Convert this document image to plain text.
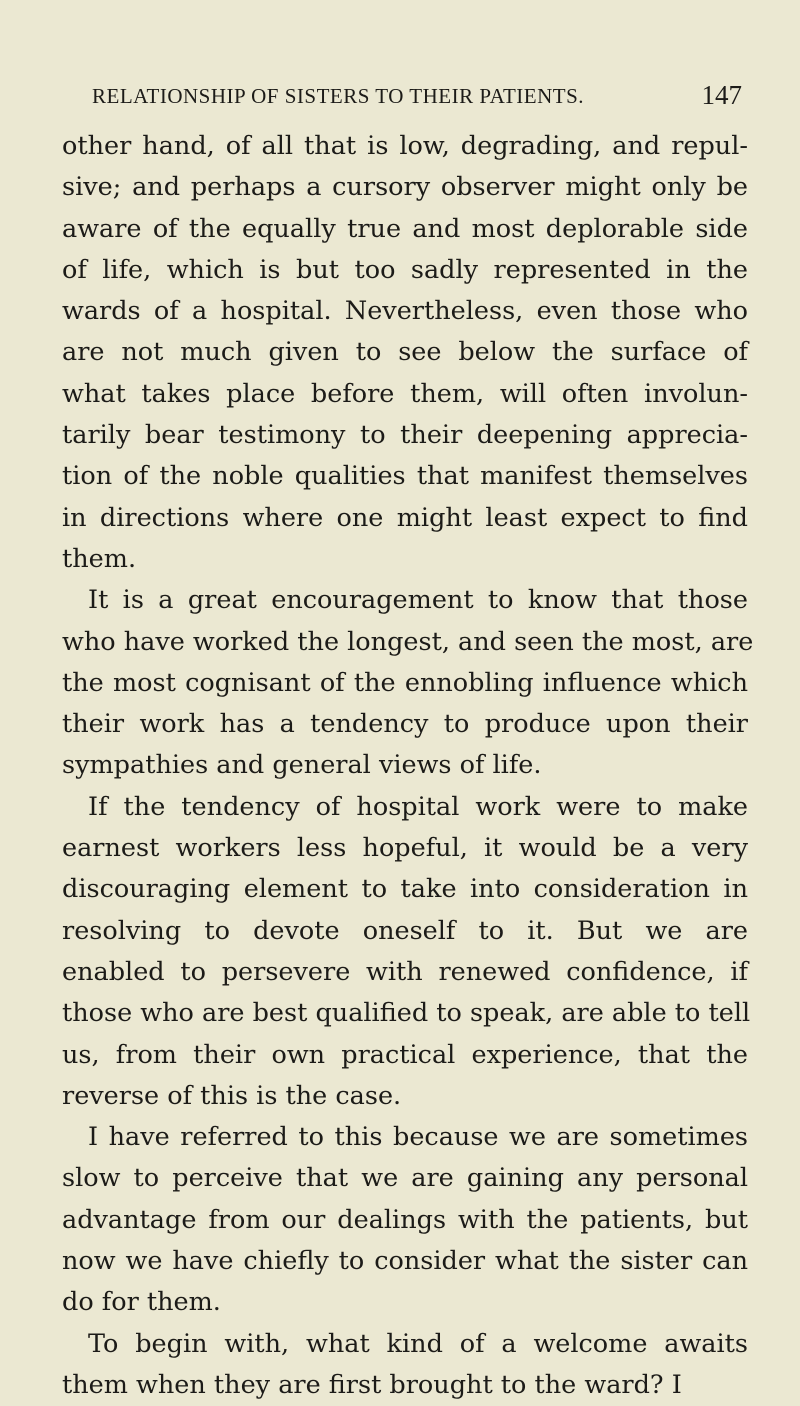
RELATIONSHIP OF SISTERS TO THEIR PATIENTS.	147
other hand, of all that is low, degrading, and repul-
sive; and perhaps a cursory observer might only be
aware of the equally true and most deplorable side
of life, which is but too sadly represented in the
wards of a hospital. Nevertheless, even those who
are not much given to see below the surface of
what takes place before them, will often involun-
tarily bear testimony to their deepening apprecia-
tion of the noble qualities that manifest themselves
in directions where one might least expect to find
them.
It is a great encouragement to know that those
who have worked the longest, and seen the most, are
the most cognisant of the ennobling influence which
their work has a tendency to produce upon their
sympathies and general views of life.
If the tendency of hospital work were to make
earnest workers less hopeful, it would be a very
discouraging element to take into consideration in
resolving to devote oneself to it. But we are
enabled to persevere with renewed confidence, if
those who are best qualified to speak, are able to tell
us, from their own practical experience, that the
reverse of this is the case.
I have referred to this because we are sometimes
slow to perceive that we are gaining any personal
advantage from our dealings with the patients, but
now we have chiefly to consider what the sister can
do for them.
To begin with, what kind of a welcome awaits
them when they are first brought to the ward? I
